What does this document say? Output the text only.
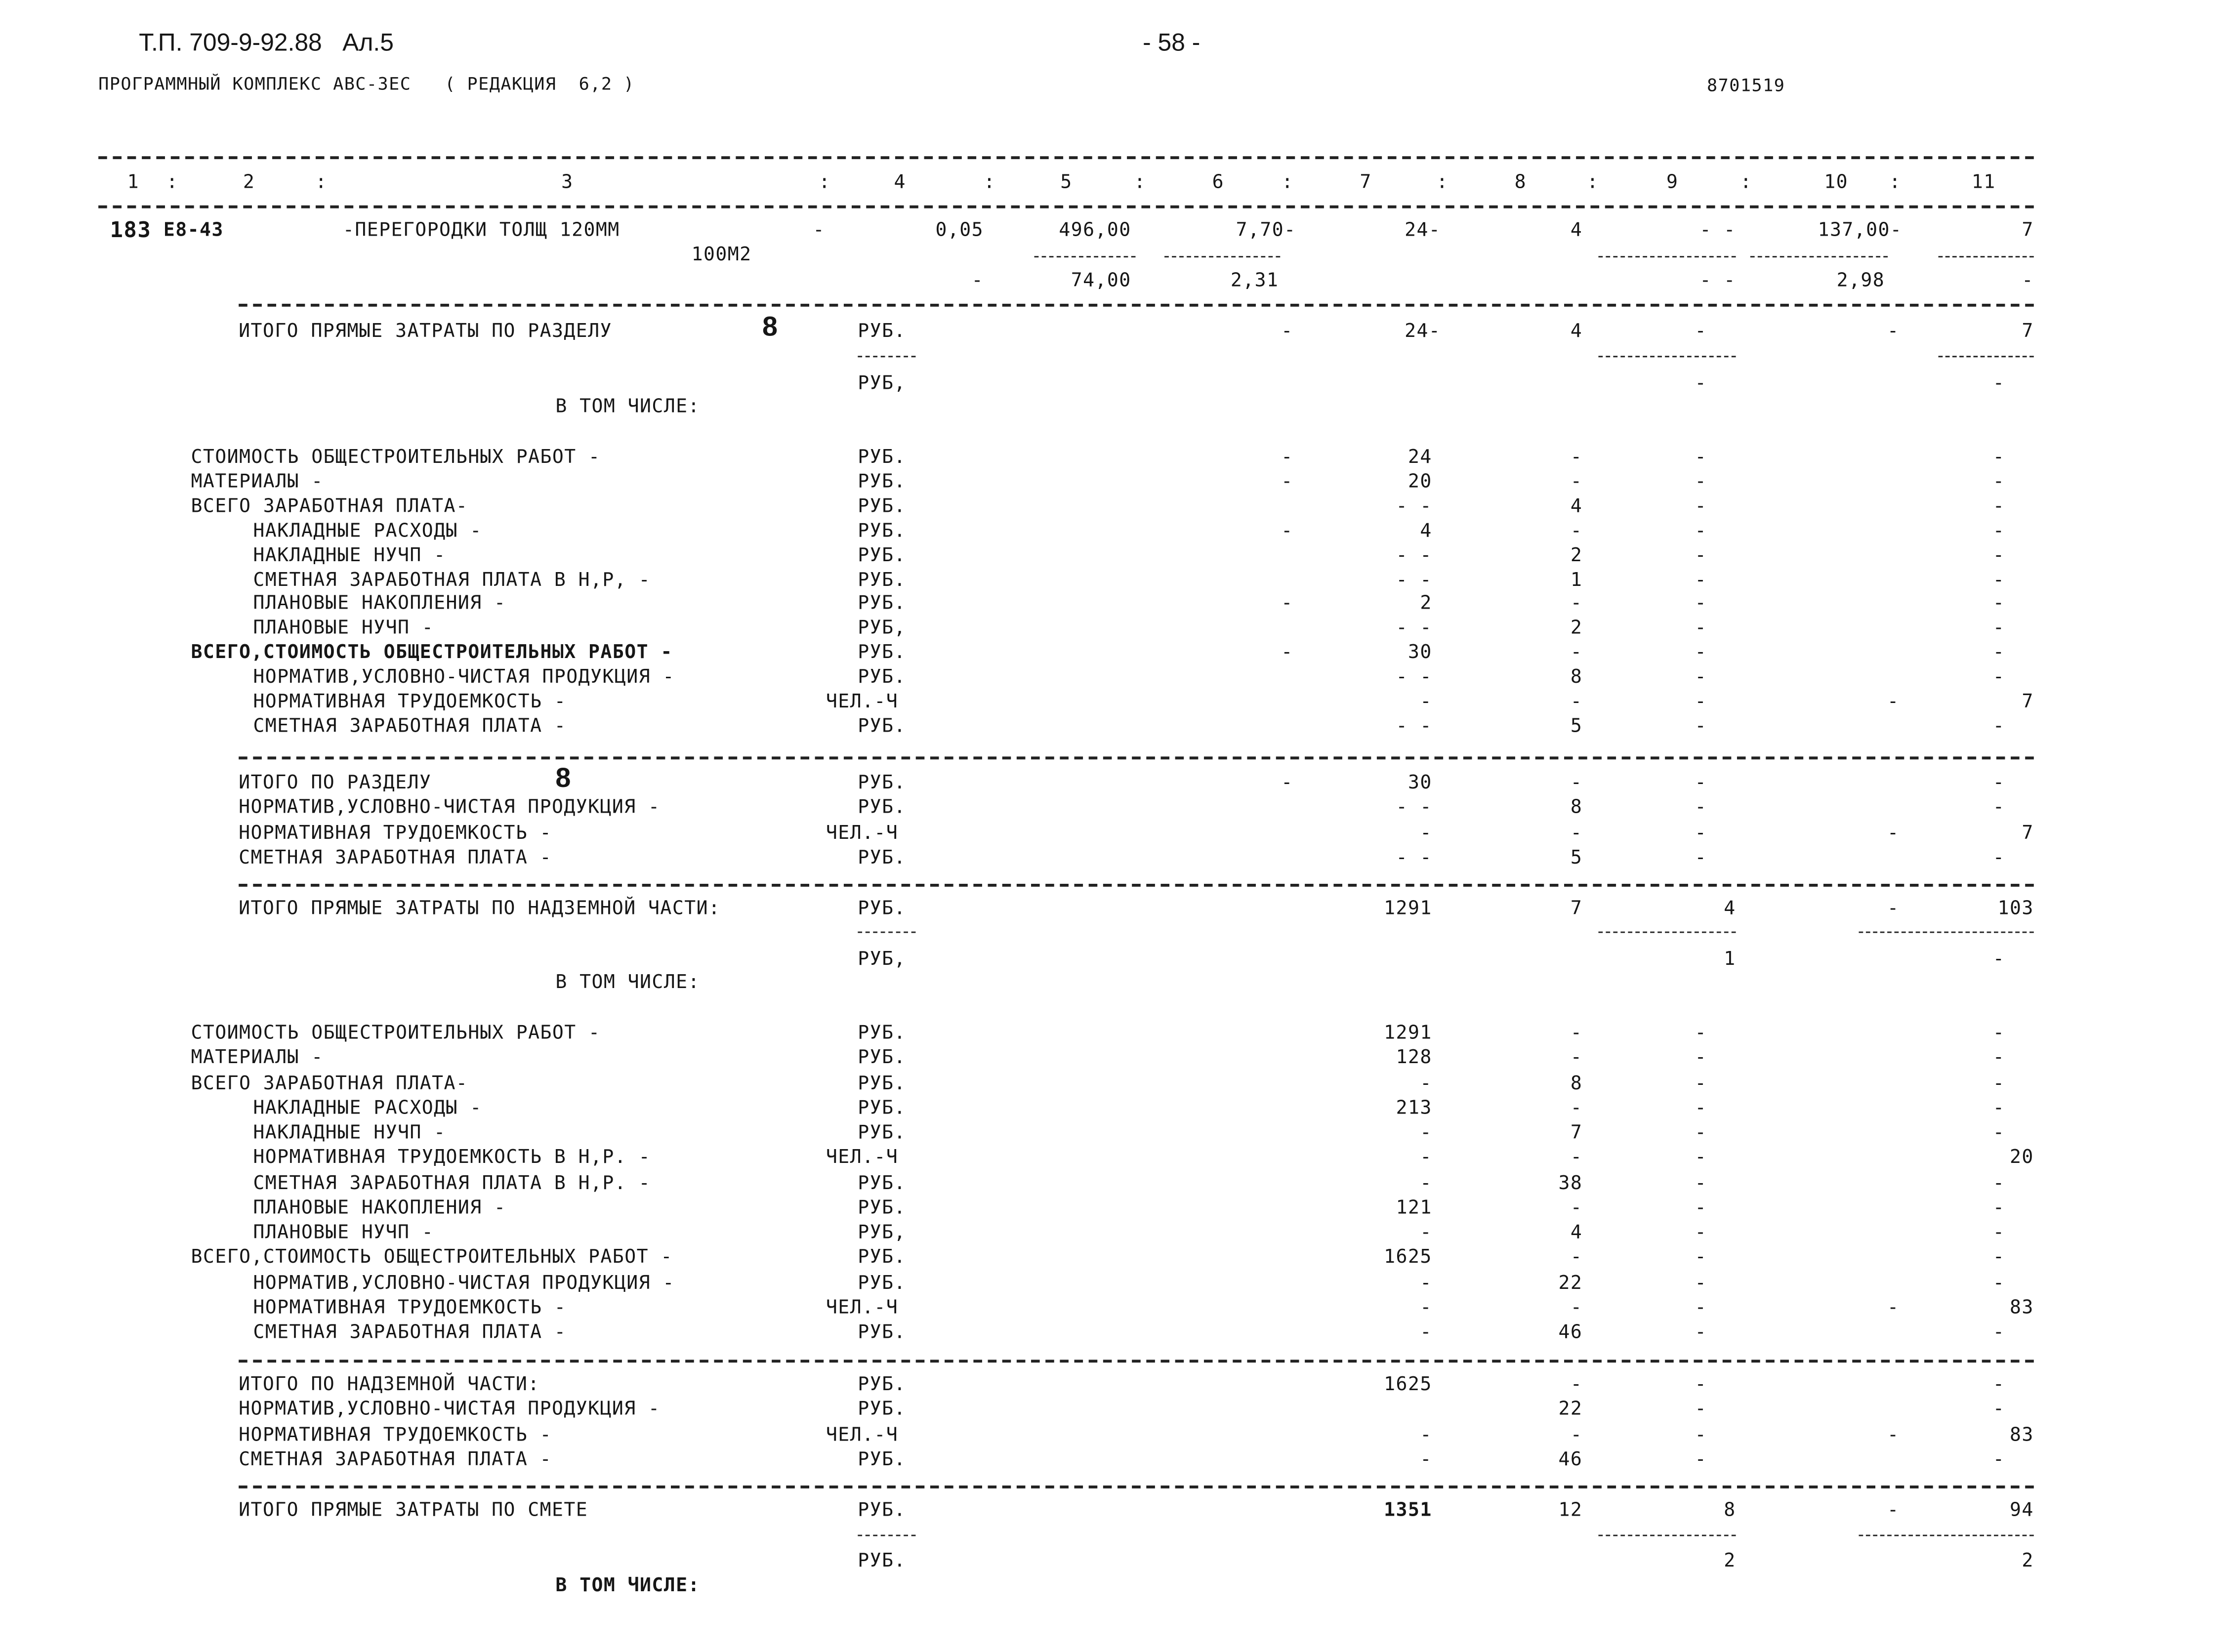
Т.П. 709-9-92.88   Ал.5	- 58 -
ПРОГРАММНЫЙ КОМПЛЕКС АВС-3ЕС   ( РЕДАКЦИЯ  6,2 )	8701519
1	2	3	4	5	6	7	8	9	10	11
:	:	:	:	:	:	:	:	:	:
183 E8-43	-ПЕРЕГОРОДКИ ТОЛЩ 120ММ
100М2
-	0,05	496,00	7,70-	24-	4	- -	137,00-	7
-	74,00	2,31	- -	2,98	-
ИТОГО ПРЯМЫЕ ЗАТРАТЫ ПО РАЗДЕЛУ	8	РУБ.	-	24-	4	-	-	7
РУБ,	-	-
В ТОМ ЧИСЛЕ:
СТОИМОСТЬ ОБЩЕСТРОИТЕЛЬНЫХ РАБОТ -	РУБ.	-	24	-	-	-
МАТЕРИАЛЫ -	РУБ.	-	20	-	-	-
ВСЕГО ЗАРАБОТНАЯ ПЛАТА-	РУБ.	- -	4	-	-
НАКЛАДНЫЕ РАСХОДЫ -	РУБ.	-	4	-	-	-
НАКЛАДНЫЕ НУЧП -	РУБ.	- -	2	-	-
СМЕТНАЯ ЗАРАБОТНАЯ ПЛАТА В Н,Р, -	РУБ.	- -	1	-	-
ПЛАНОВЫЕ НАКОПЛЕНИЯ -	РУБ.	-	2	-	-	-
ПЛАНОВЫЕ НУЧП -	РУБ,	- -	2	-	-
ВСЕГО,СТОИМОСТЬ ОБЩЕСТРОИТЕЛЬНЫХ РАБОТ -	РУБ.	-	30	-	-	-
НОРМАТИВ,УСЛОВНО-ЧИСТАЯ ПРОДУКЦИЯ -	РУБ.	- -	8	-	-
НОРМАТИВНАЯ ТРУДОЕМКОСТЬ -	ЧЕЛ.-Ч	-	-	-	-	7
СМЕТНАЯ ЗАРАБОТНАЯ ПЛАТА -	РУБ.	- -	5	-	-
ИТОГО ПО РАЗДЕЛУ	8	РУБ.	-	30	-	-	-
НОРМАТИВ,УСЛОВНО-ЧИСТАЯ ПРОДУКЦИЯ -	РУБ.	- -	8	-	-
НОРМАТИВНАЯ ТРУДОЕМКОСТЬ -	ЧЕЛ.-Ч	-	-	-	-	7
СМЕТНАЯ ЗАРАБОТНАЯ ПЛАТА -	РУБ.	- -	5	-	-
ИТОГО ПРЯМЫЕ ЗАТРАТЫ ПО НАДЗЕМНОЙ ЧАСТИ:	РУБ.	1291	7	4	-	103
РУБ,	1	-
В ТОМ ЧИСЛЕ:
СТОИМОСТЬ ОБЩЕСТРОИТЕЛЬНЫХ РАБОТ -	РУБ.	1291	-	-	-
МАТЕРИАЛЫ -	РУБ.	128	-	-	-
ВСЕГО ЗАРАБОТНАЯ ПЛАТА-	РУБ.	-	8	-	-
НАКЛАДНЫЕ РАСХОДЫ -	РУБ.	213	-	-	-
НАКЛАДНЫЕ НУЧП -	РУБ.	-	7	-	-
НОРМАТИВНАЯ ТРУДОЕМКОСТЬ В Н,Р. -	ЧЕЛ.-Ч	-	-	-	20
СМЕТНАЯ ЗАРАБОТНАЯ ПЛАТА В Н,Р. -	РУБ.	-	38	-	-
ПЛАНОВЫЕ НАКОПЛЕНИЯ -	РУБ.	121	-	-	-
ПЛАНОВЫЕ НУЧП -	РУБ,	-	4	-	-
ВСЕГО,СТОИМОСТЬ ОБЩЕСТРОИТЕЛЬНЫХ РАБОТ -	РУБ.	1625	-	-	-
НОРМАТИВ,УСЛОВНО-ЧИСТАЯ ПРОДУКЦИЯ -	РУБ.	-	22	-	-
НОРМАТИВНАЯ ТРУДОЕМКОСТЬ -	ЧЕЛ.-Ч	-	-	-	-	83
СМЕТНАЯ ЗАРАБОТНАЯ ПЛАТА -	РУБ.	-	46	-	-
ИТОГО ПО НАДЗЕМНОЙ ЧАСТИ:	РУБ.	1625	-	-	-
НОРМАТИВ,УСЛОВНО-ЧИСТАЯ ПРОДУКЦИЯ -	РУБ.	22	-	-
НОРМАТИВНАЯ ТРУДОЕМКОСТЬ -	ЧЕЛ.-Ч	-	-	-	-	83
СМЕТНАЯ ЗАРАБОТНАЯ ПЛАТА -	РУБ.	-	46	-	-
ИТОГО ПРЯМЫЕ ЗАТРАТЫ ПО СМЕТЕ	РУБ.	1351	12	8	-	94
РУБ.	2	2
В ТОМ ЧИСЛЕ:
